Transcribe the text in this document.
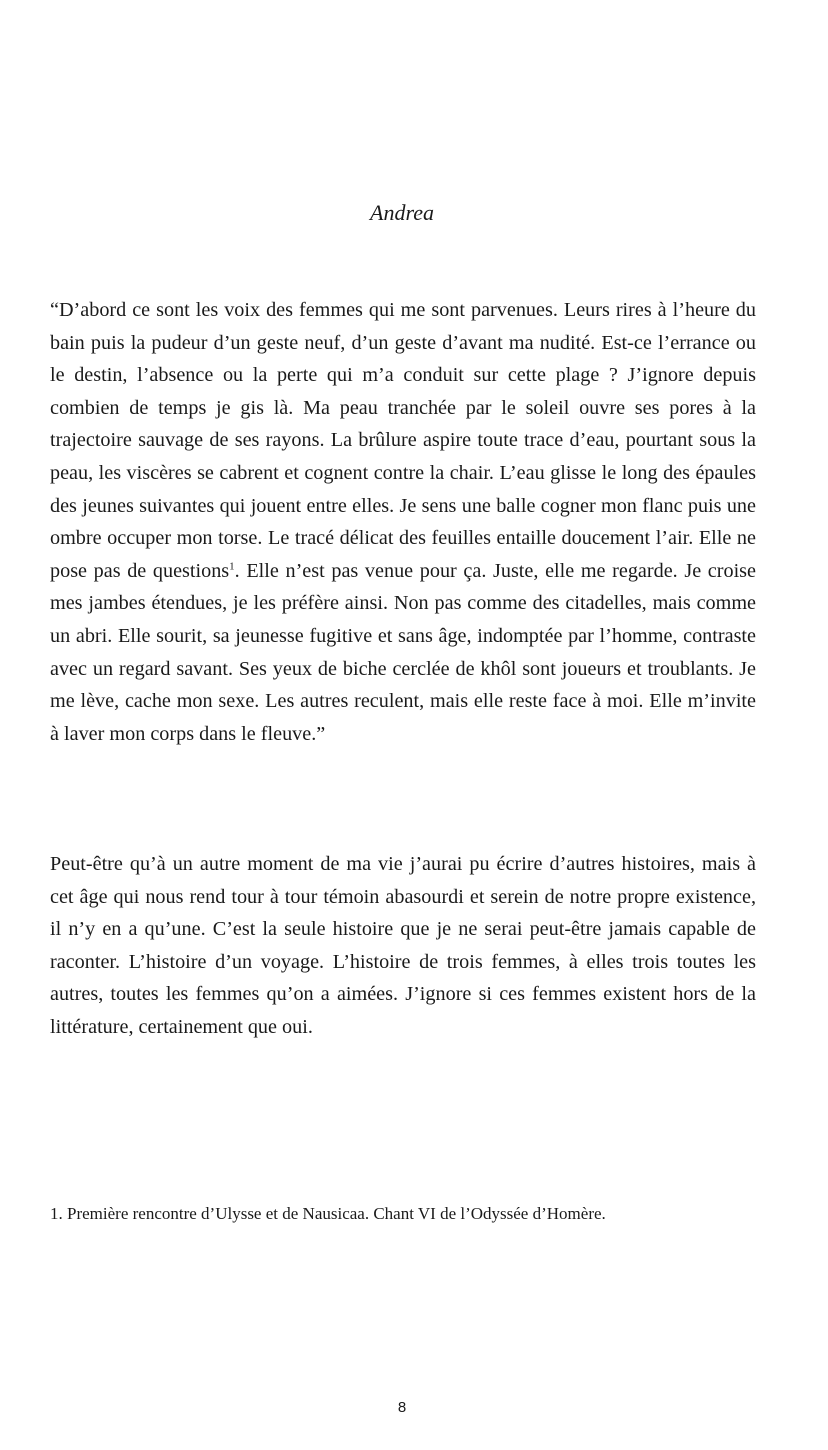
Andrea

“D’abord ce sont les voix des femmes qui me sont parvenues. Leurs rires à l’heure du bain puis la pudeur d’un geste neuf, d’un geste d’avant ma nudité. Est-ce l’errance ou le destin, l’absence ou la perte qui m’a conduit sur cette plage ? J’ignore depuis combien de temps je gis là. Ma peau tranchée par le soleil ouvre ses pores à la trajectoire sauvage de ses rayons. La brûlure aspire toute trace d’eau, pourtant sous la peau, les viscères se cabrent et cognent contre la chair. L’eau glisse le long des épaules des jeunes suivantes qui jouent entre elles. Je sens une balle cogner mon flanc puis une ombre occuper mon torse. Le tracé délicat des feuilles entaille doucement l’air. Elle ne pose pas de questions$^1$. Elle n’est pas venue pour ça. Juste, elle me regarde. Je croise mes jambes étendues, je les préfère ainsi. Non pas comme des citadelles, mais comme un abri. Elle sourit, sa jeunesse fugitive et sans âge, indomptée par l’homme, contraste avec un regard savant. Ses yeux de biche cerclée de khôl sont joueurs et troublants. Je me lève, cache mon sexe. Les autres reculent, mais elle reste face à moi. Elle m’invite à laver mon corps dans le fleuve.”

Peut-être qu’à un autre moment de ma vie j’aurai pu écrire d’autres histoires, mais à cet âge qui nous rend tour à tour témoin abasourdi et serein de notre propre existence, il n’y en a qu’une. C’est la seule histoire que je ne serai peut-être jamais capable de raconter. L’histoire d’un voyage. L’histoire de trois femmes, à elles trois toutes les autres, toutes les femmes qu’on a aimées. J’ignore si ces femmes existent hors de la littérature, certainement que oui.

1. Première rencontre d’Ulysse et de Nausicaa. Chant VI de l’Odyssée d’Homère.

8
